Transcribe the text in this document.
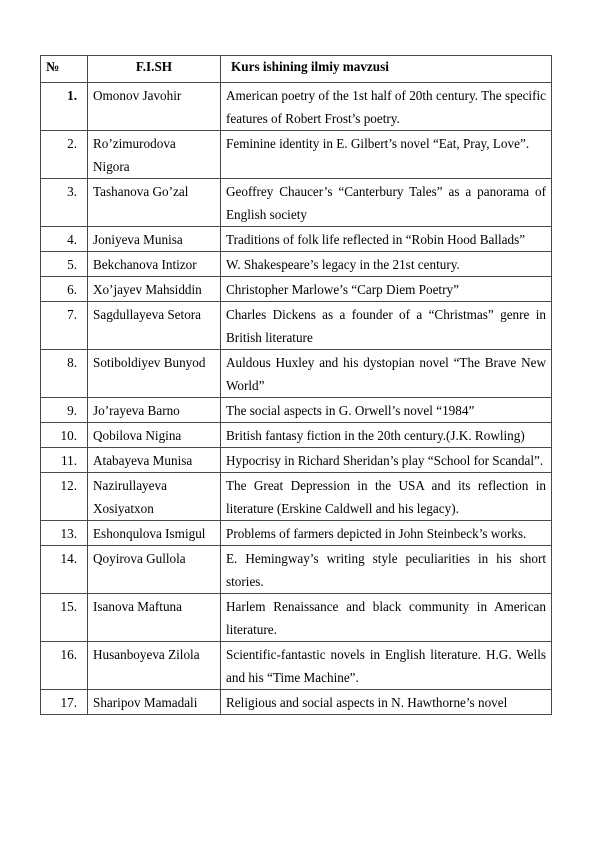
№	F.I.SH	Kurs ishining ilmiy mavzusi
1.	Omonov Javohir	American poetry of the 1st half of 20th century. The specific features of Robert Frost’s poetry.
2.	Ro’zimurodova Nigora	Feminine identity in E. Gilbert’s novel “Eat, Pray, Love”.
3.	Tashanova Go’zal	Geoffrey Chaucer’s “Canterbury Tales” as a panorama of English society
4.	Joniyeva Munisa	Traditions of folk life reflected in “Robin Hood Ballads”
5.	Bekchanova Intizor	W. Shakespeare’s legacy in the 21st century.
6.	Xo’jayev Mahsiddin	Christopher Marlowe’s “Carp Diem Poetry”
7.	Sagdullayeva Setora	Charles Dickens as a founder of a “Christmas” genre in British literature
8.	Sotiboldiyev Bunyod	Auldous Huxley and his dystopian novel “The Brave New World”
9.	Jo’rayeva Barno	The social aspects in G. Orwell’s novel “1984”
10.	Qobilova Nigina	British fantasy fiction in the 20th century.(J.K. Rowling)
11.	Atabayeva Munisa	Hypocrisy in Richard Sheridan’s play “School for Scandal”.
12.	Nazirullayeva Xosiyatxon	The Great Depression in the USA and its reflection in literature (Erskine Caldwell and his legacy).
13.	Eshonqulova Ismigul	Problems of farmers depicted in John Steinbeck’s works.
14.	Qoyirova Gullola	E. Hemingway’s writing style peculiarities in his short stories.
15.	Isanova Maftuna	Harlem Renaissance and black community in American literature.
16.	Husanboyeva Zilola	Scientific-fantastic novels in English literature. H.G. Wells and his “Time Machine”.
17.	Sharipov Mamadali	Religious and social aspects in N. Hawthorne’s novel
